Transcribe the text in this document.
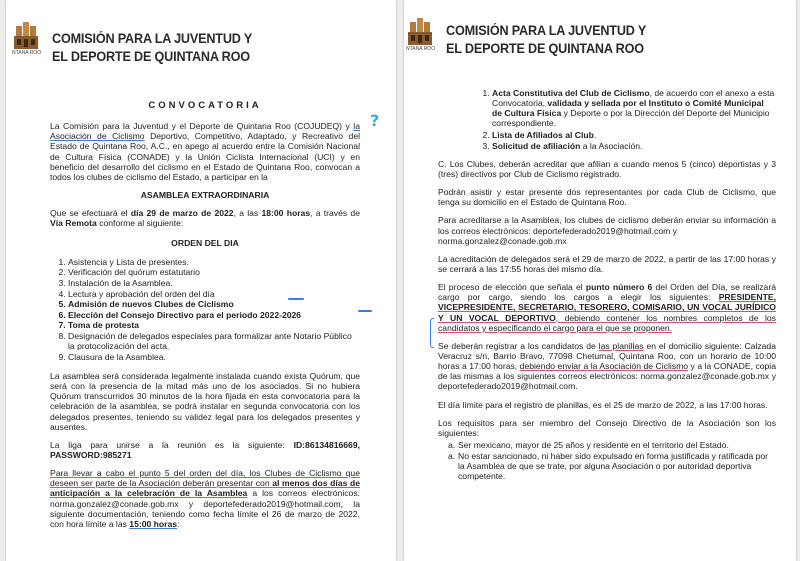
NTANA ROO
COMISIÓN PARA LA JUVENTUD Y
EL DEPORTE DE QUINTANA ROO

CONVOCATORIA

La Comisión para la Juventud y el Deporte de Quintana Roo (COJUDEQ) y la Asociación de Ciclismo Deportivo, Competitivo, Adaptado, y Recreativo del Estado de Quintana Roo, A.C., en apego al acuerdo entre la Comisión Nacional de Cultura Física (CONADE) y la Unión Ciclista Internacional (UCI) y en beneficio del desarrollo del ciclismo en el Estado de Quintana Roo, convocan a todos los clubes de ciclismo del Estado, a participar en la

ASAMBLEA EXTRAORDINARIA

Que se efectuará el día 29 de marzo de 2022, a las 18:00 horas, a través de Vía Remota conforme al siguiente:

ORDEN DEL DIA

1. Asistencia y Lista de presentes.
2. Verificación del quórum estatutario
3. Instalación de la Asamblea.
4. Lectura y aprobación del orden del día
5. Admisión de nuevos Clubes de Ciclismo
6. Elección del Consejo Directivo para el periodo 2022-2026
7. Toma de protesta
8. Designación de delegados especiales para formalizar ante Notario Público la protocolización del acta.
9. Clausura de la Asamblea.

La asamblea será considerada legalmente instalada cuando exista Quórum, que será con la presencia de la mitad más uno de los asociados. Si no hubiera Quórum transcurridos 30 minutos de la hora fijada en esta convocatoria para la celebración de la asamblea, se podrá instalar en segunda convocatoria con los delegados presentes, teniendo su validez legal para los delegados presentes y ausentes.

La liga para unirse a la reunión es la siguiente: ID:86134816669, PASSWORD:985271

Para llevar a cabo el punto 5 del orden del día, los Clubes de Ciclismo que deseen ser parte de la Asociación deberán presentar con al menos dos días de anticipación a la celebración de la Asamblea a los correos electrónicos: norma.gonzalez@conade.gob.mx y deportefederado2019@hotmail.com, la siguiente documentación, teniendo como fecha límite el 26 de marzo de 2022, con hora límite a las 15:00 horas:

?
NTANA ROO
COMISIÓN PARA LA JUVENTUD Y
EL DEPORTE DE QUINTANA ROO
1. Acta Constitutiva del Club de Ciclismo, de acuerdo con el anexo a esta Convocatoria, validada y sellada por el Instituto o Comité Municipal de Cultura Física y Deporte o por la Dirección del Deporte del Municipio correspondiente.
2. Lista de Afiliados al Club.
3. Solicitud de afiliación a la Asociación.

C. Los Clubes, deberán acreditar que afilian a cuando menos 5 (cinco) deportistas y 3 (tres) directivos por Club de Ciclismo registrado.

Podrán asistir y estar presente dos representantes por cada Club de Ciclismo, que tenga su domicilio en el Estado de Quintana Roo.

Para acreditarse a la Asamblea, los clubes de ciclismo deberán enviar su información a los correos electrónicos: deportefederado2019@hotmail.com y
norma.gonzalez@conade.gob.mx

La acreditación de delegados será el 29 de marzo de 2022, a partir de las 17:00 horas y se cerrará a las 17:55 horas del mismo día.

El proceso de elección que señala el punto número 6 del Orden del Día, se realizará cargo por cargo, siendo los cargos a elegir los siguientes: PRESIDENTE, VICEPRESIDENTE, SECRETARIO, TESORERO, COMISARIO, UN VOCAL JURÍDICO Y UN VOCAL DEPORTIVO, debiendo contener los nombres completos de los candidatos y especificando el cargo para el que se proponen.

Se deberán registrar a los candidatos de las planillas en el domicilio siguiente: Calzada Veracruz s/n, Barrio Bravo, 77098 Chetumal, Quintana Roo, con un horario de 10:00 horas a 17:00 horas, debiendo enviar a la Asociación de Ciclismo y a la CONADE, copia de las mismas a los siguientes correos electrónicos: norma.gonzalez@conade.gob.mx y deportefederado2019@hotmail.com.

El día límite para el registro de planillas, es el 25 de marzo de 2022, a las 17:00 horas.

Los requisitos para ser miembro del Consejo Directivo de la Asociación son los siguientes:

a. Ser mexicano, mayor de 25 años y residente en el territorio del Estado.
a. No estar sancionado, ni haber sido expulsado en forma justificada y ratificada por la Asamblea de que se trate, por alguna Asociación o por autoridad deportiva competente.
